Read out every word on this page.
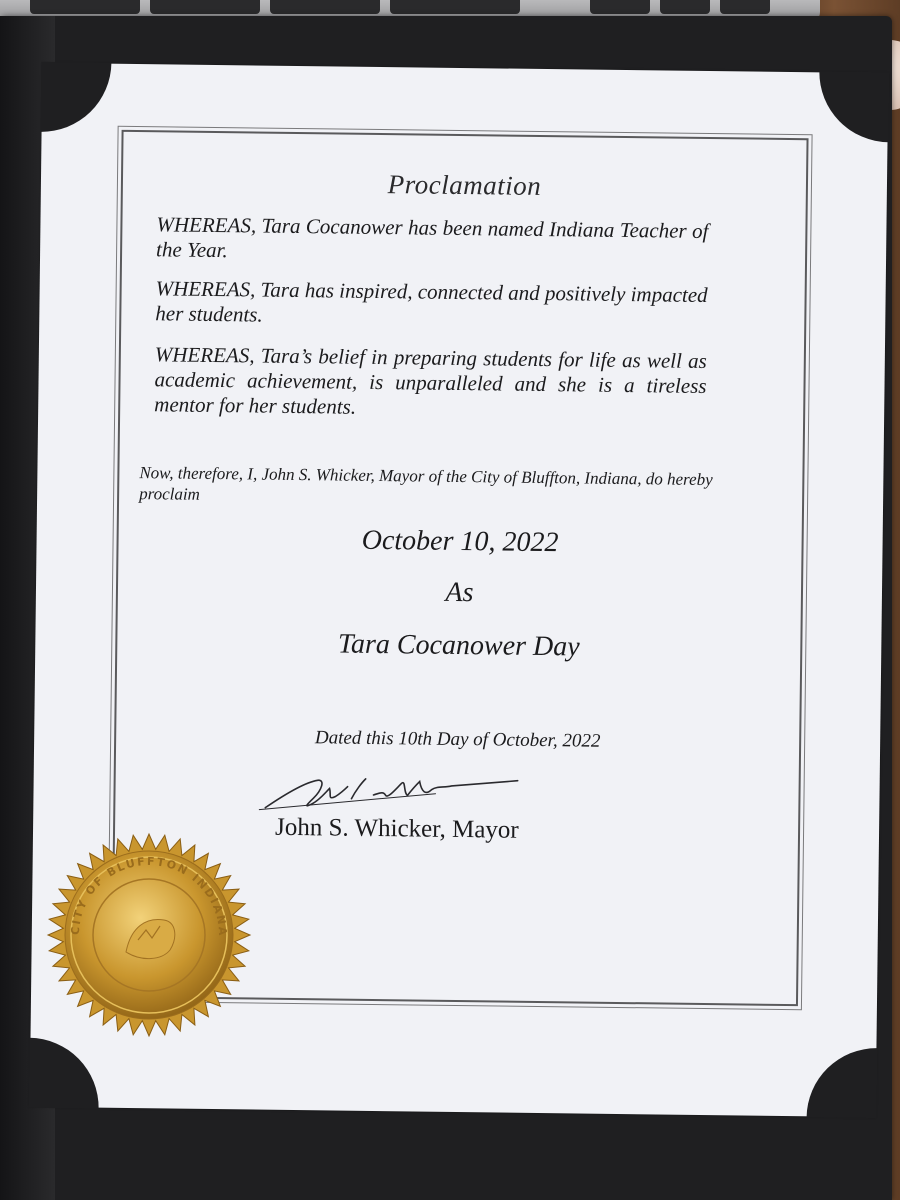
Proclamation
WHEREAS, Tara Cocanower has been named Indiana Teacher of the Year.
WHEREAS, Tara has inspired, connected and positively impacted her students.
WHEREAS, Tara’s belief in preparing students for life as well as academic achievement, is unparalleled and she is a tireless mentor for her students.
Now, therefore, I, John S. Whicker, Mayor of the City of Bluffton, Indiana, do hereby proclaim
October 10, 2022
As
Tara Cocanower Day
Dated this 10th Day of October, 2022
John S. Whicker, Mayor
CITY OF BLUFFTON INDIANA
